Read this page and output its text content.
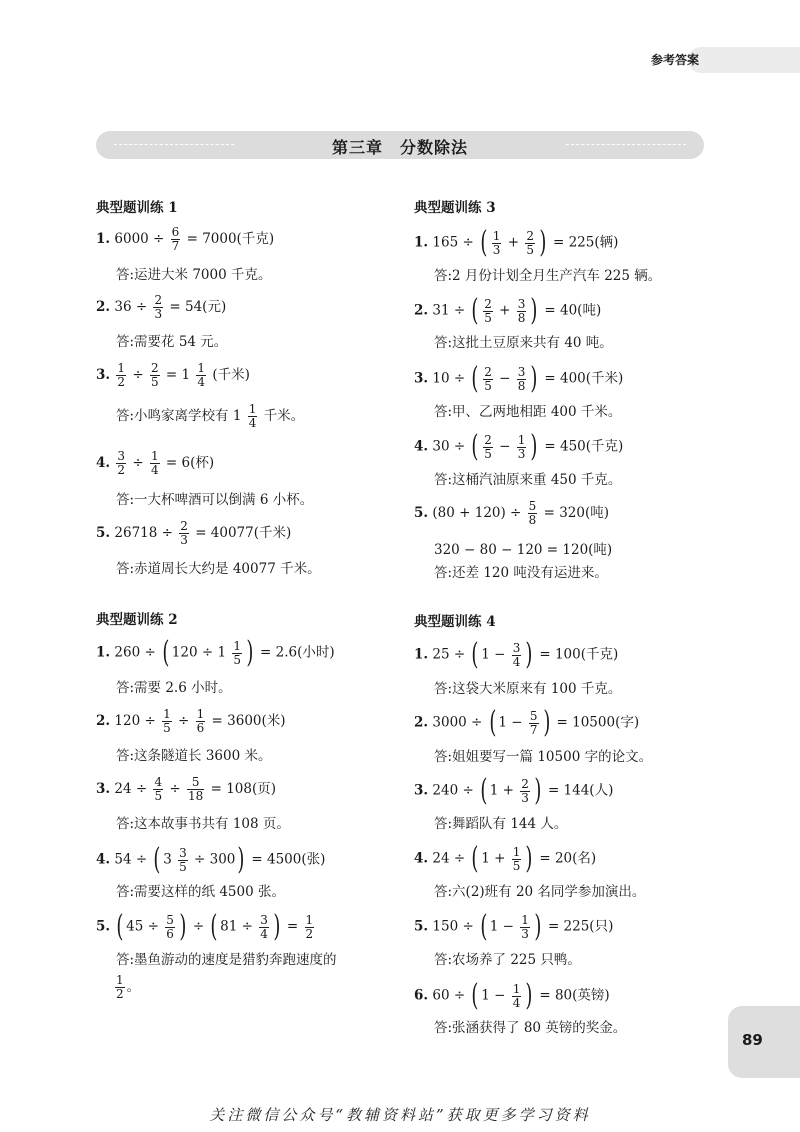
参考答案
第三章　分数除法
典型题训练 1
1. $6000 \div \frac{6}{7} = 7000$(千克)
答:运进大米 7000 千克。
2. $36 \div \frac{2}{3} = 54$(元)
答:需要花 54 元。
3. $\frac{1}{2} \div \frac{2}{5} = 1 \frac{1}{4}$ (千米)
答:小鸣家离学校有 $1 \frac{1}{4}$ 千米。
4. $\frac{3}{2} \div \frac{1}{4} = 6$(杯)
答:一大杯啤酒可以倒满 6 小杯。
5. $26718 \div \frac{2}{3} = 40077$(千米)
答:赤道周长大约是 40077 千米。
典型题训练 2
1. 260 ÷ ( $120 \div 1 \frac{1}{5}$ ) = 2.6(小时)
答:需要 2.6 小时。
2. $120 \div \frac{1}{5} \div \frac{1}{6} = 3600$(米)
答:这条隧道长 3600 米。
3. $24 \div \frac{4}{5} \div \frac{5}{18} = 108$(页)
答:这本故事书共有 108 页。
4. 54 ÷ ( $3 \frac{3}{5} \div 300) = 4500$(张)
答:需要这样的纸 4500 张。
5. ( $45 \div \frac{5}{6}$ ) ÷ ( $81 \div \frac{3}{4}$ ) = $\frac{1}{2}$
答:墨鱼游动的速度是猎豹奔跑速度的
$\frac{1}{2}$ 。
典型题训练 3
1. 165 ÷ ( $\frac{1}{3} + \frac{2}{5}$ ) = 225(辆)
答:2 月份计划全月生产汽车 225 辆。
2. 31 ÷ ( $\frac{2}{5} + \frac{3}{8}$ ) = 40(吨)
答:这批土豆原来共有 40 吨。
3. 10 ÷ ( $\frac{2}{5} - \frac{3}{8}$ ) = 400(千米)
答:甲、乙两地相距 400 千米。
4. 30 ÷ ( $\frac{2}{5} - \frac{1}{3}$ ) = 450(千克)
答:这桶汽油原来重 450 千克。
5. $(80 + 120) \div \frac{5}{8} = 320$(吨)
320 − 80 − 120 = 120(吨)
答:还差 120 吨没有运进来。
典型题训练 4
1. 25 ÷ ( $1 - \frac{3}{4}$ ) = 100(千克)
答:这袋大米原来有 100 千克。
2. 3000 ÷ ( $1 - \frac{5}{7}$ ) = 10500(字)
答:姐姐要写一篇 10500 字的论文。
3. 240 ÷ ( $1 + \frac{2}{3}$ ) = 144(人)
答:舞蹈队有 144 人。
4. 24 ÷ ( $1 + \frac{1}{5}$ ) = 20(名)
答:六(2)班有 20 名同学参加演出。
5. 150 ÷ ( $1 - \frac{1}{3}$ ) = 225(只)
答:农场养了 225 只鸭。
6. 60 ÷ ( $1 - \frac{1}{4}$ ) = 80(英镑)
答:张涵获得了 80 英镑的奖金。
89
关注微信公众号“教辅资料站”获取更多学习资料
